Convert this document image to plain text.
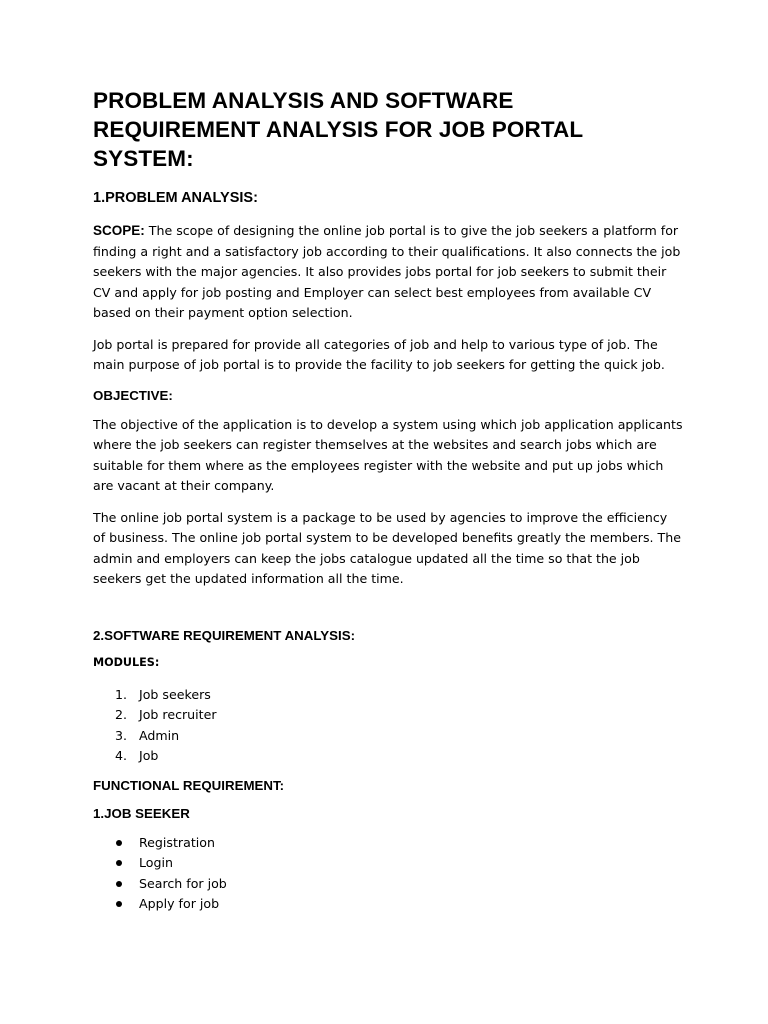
PROBLEM ANALYSIS AND SOFTWARE REQUIREMENT ANALYSIS FOR JOB PORTAL SYSTEM:
1.PROBLEM ANALYSIS:

SCOPE: The scope of designing the online job portal is to give the job seekers a platform for finding a right and a satisfactory job according to their qualifications. It also connects the job seekers with the major agencies. It also provides jobs portal for job seekers to submit their CV and apply for job posting and Employer can select best employees from available CV based on their payment option selection.

Job portal is prepared for provide all categories of job and help to various type of job. The main purpose of job portal is to provide the facility to job seekers for getting the quick job.

OBJECTIVE:

The objective of the application is to develop a system using which job application applicants where the job seekers can register themselves at the websites and search jobs which are suitable for them where as the employees register with the website and put up jobs which are vacant at their company.

The online job portal system is a package to be used by agencies to improve the efficiency of business. The online job portal system to be developed benefits greatly the members. The admin and employers can keep the jobs catalogue updated all the time so that the job seekers get the updated information all the time.

2.SOFTWARE REQUIREMENT ANALYSIS:
MODULES:
1. Job seekers
2. Job recruiter
3. Admin
4. Job
FUNCTIONAL REQUIREMENT:
1.JOB SEEKER
Registration
Login
Search for job
Apply for job
